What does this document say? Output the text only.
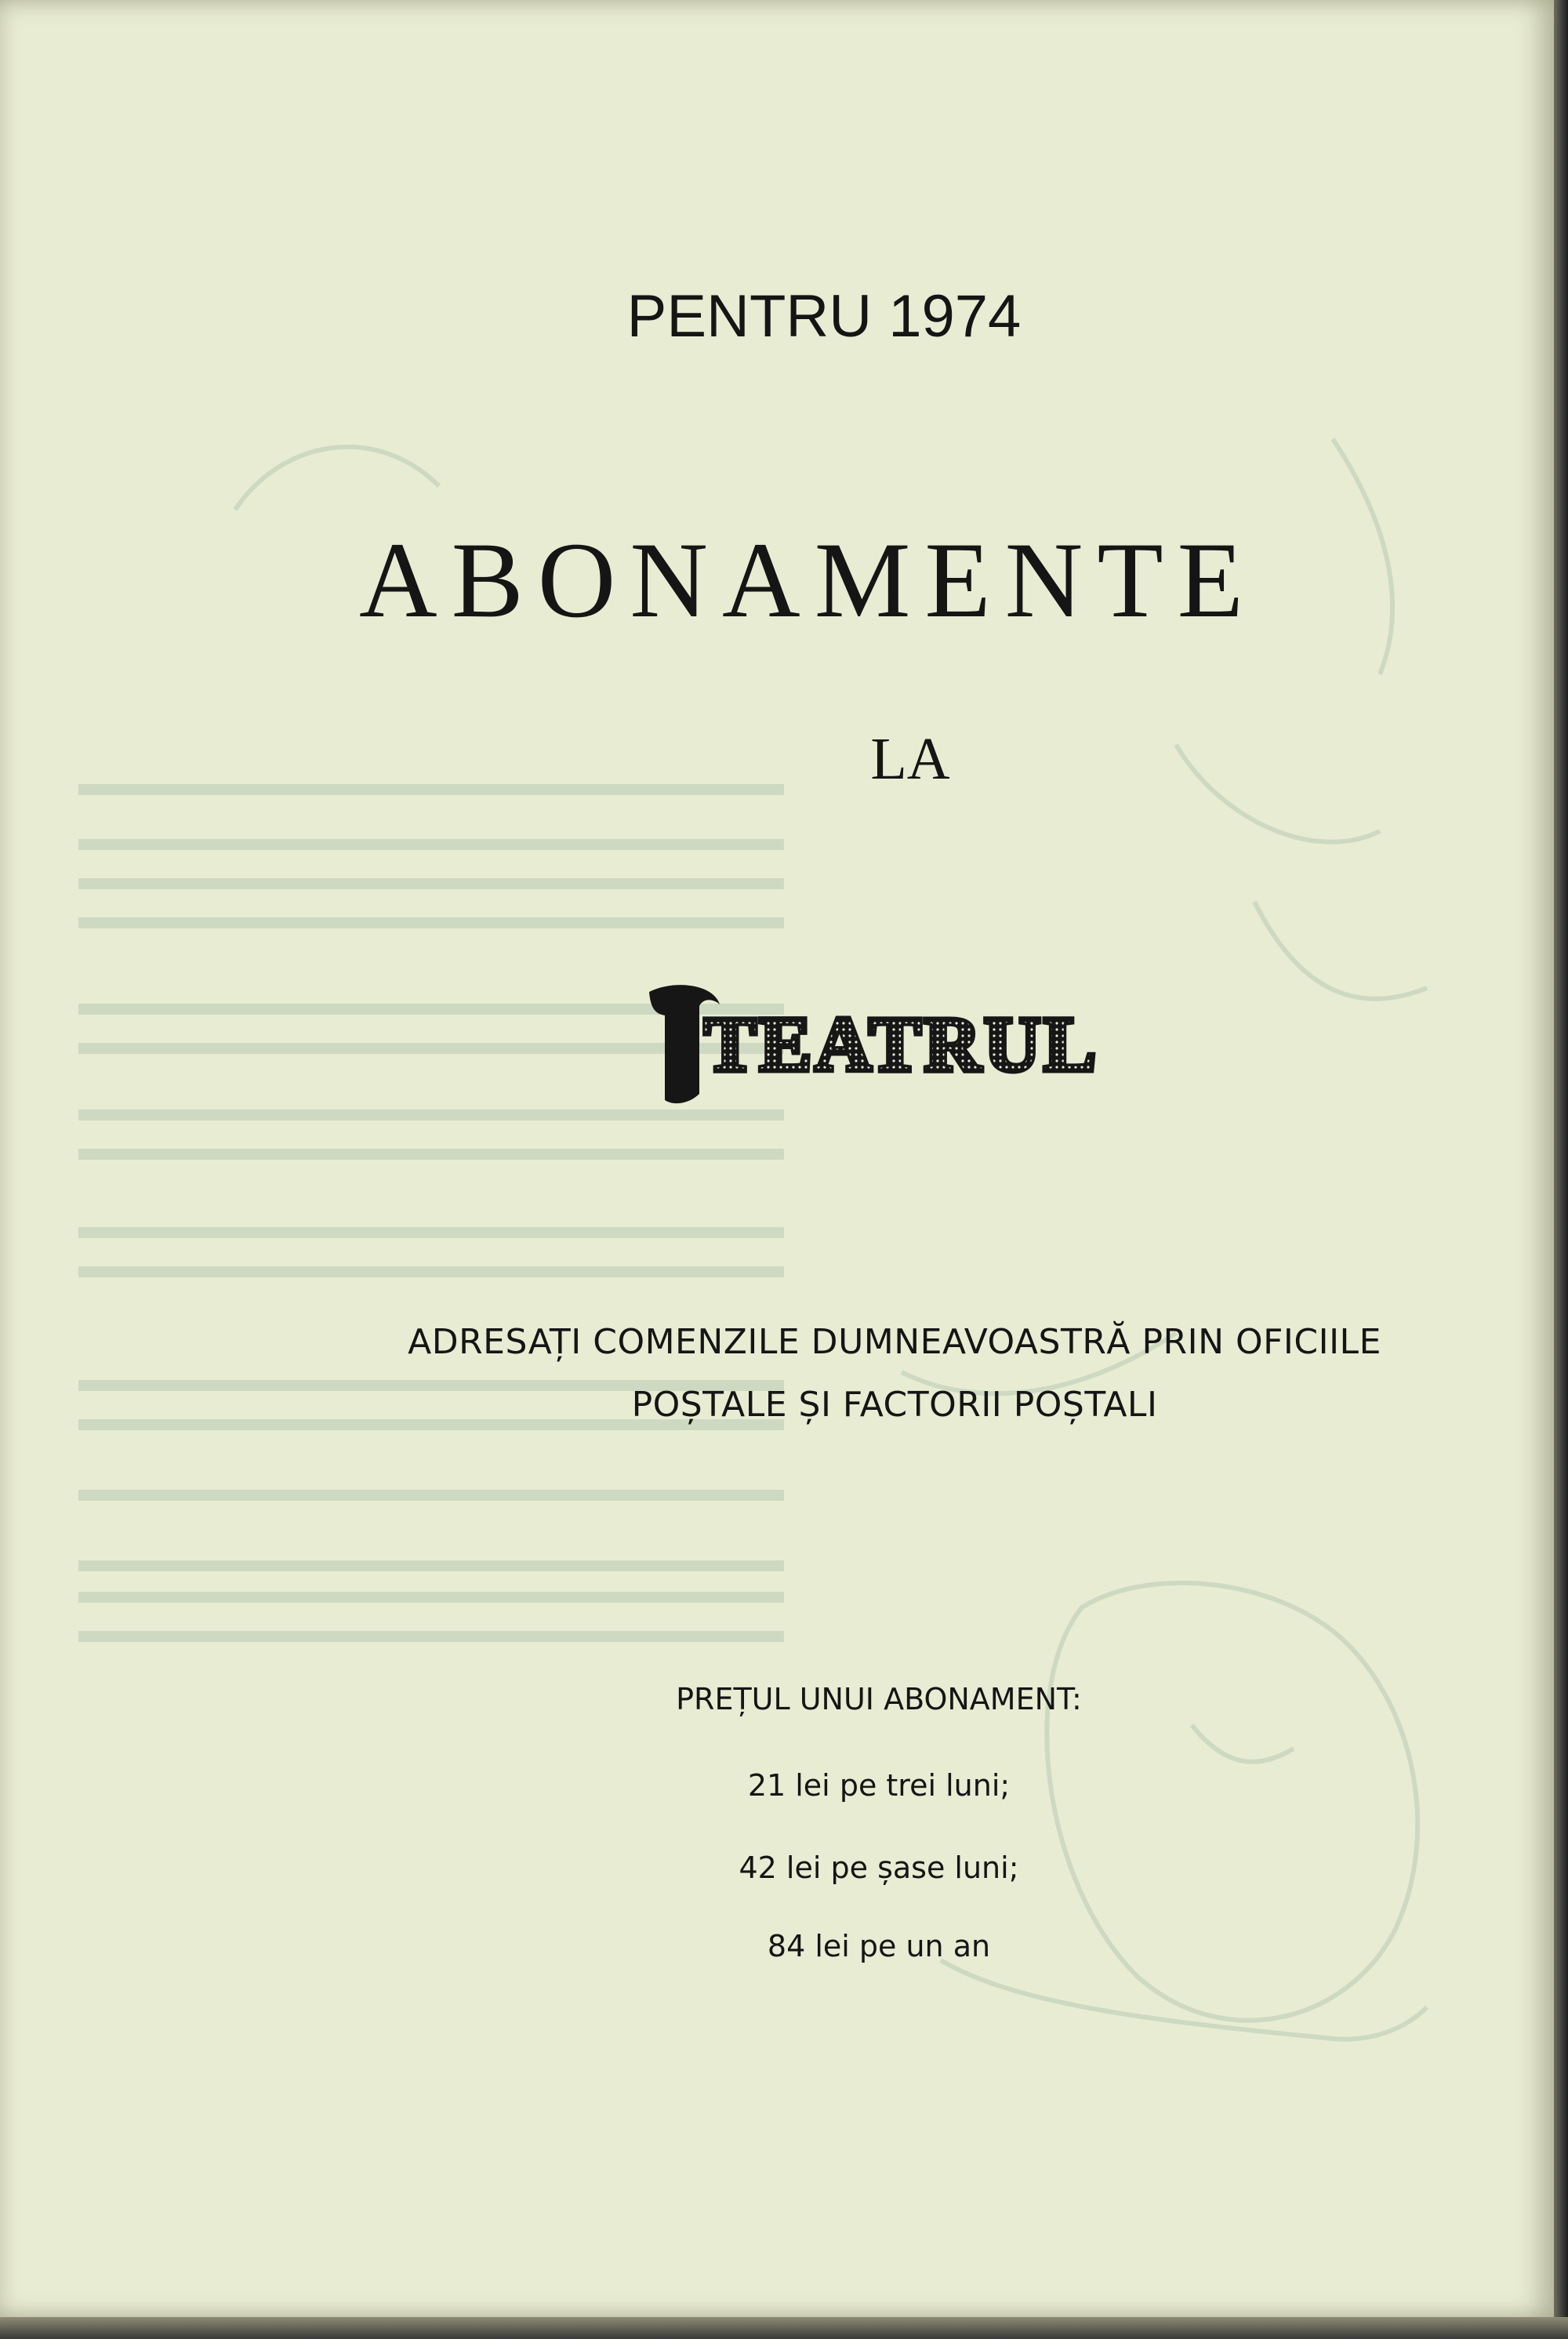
PENTRU 1974
ABONAMENTE
LA
TEATRUL
ADRESAȚI COMENZILE DUMNEAVOASTRĂ PRIN OFICIILE
POȘTALE ȘI FACTORII POȘTALI
PREȚUL UNUI ABONAMENT:
21 lei pe trei luni;
42 lei pe șase luni;
84 lei pe un an
